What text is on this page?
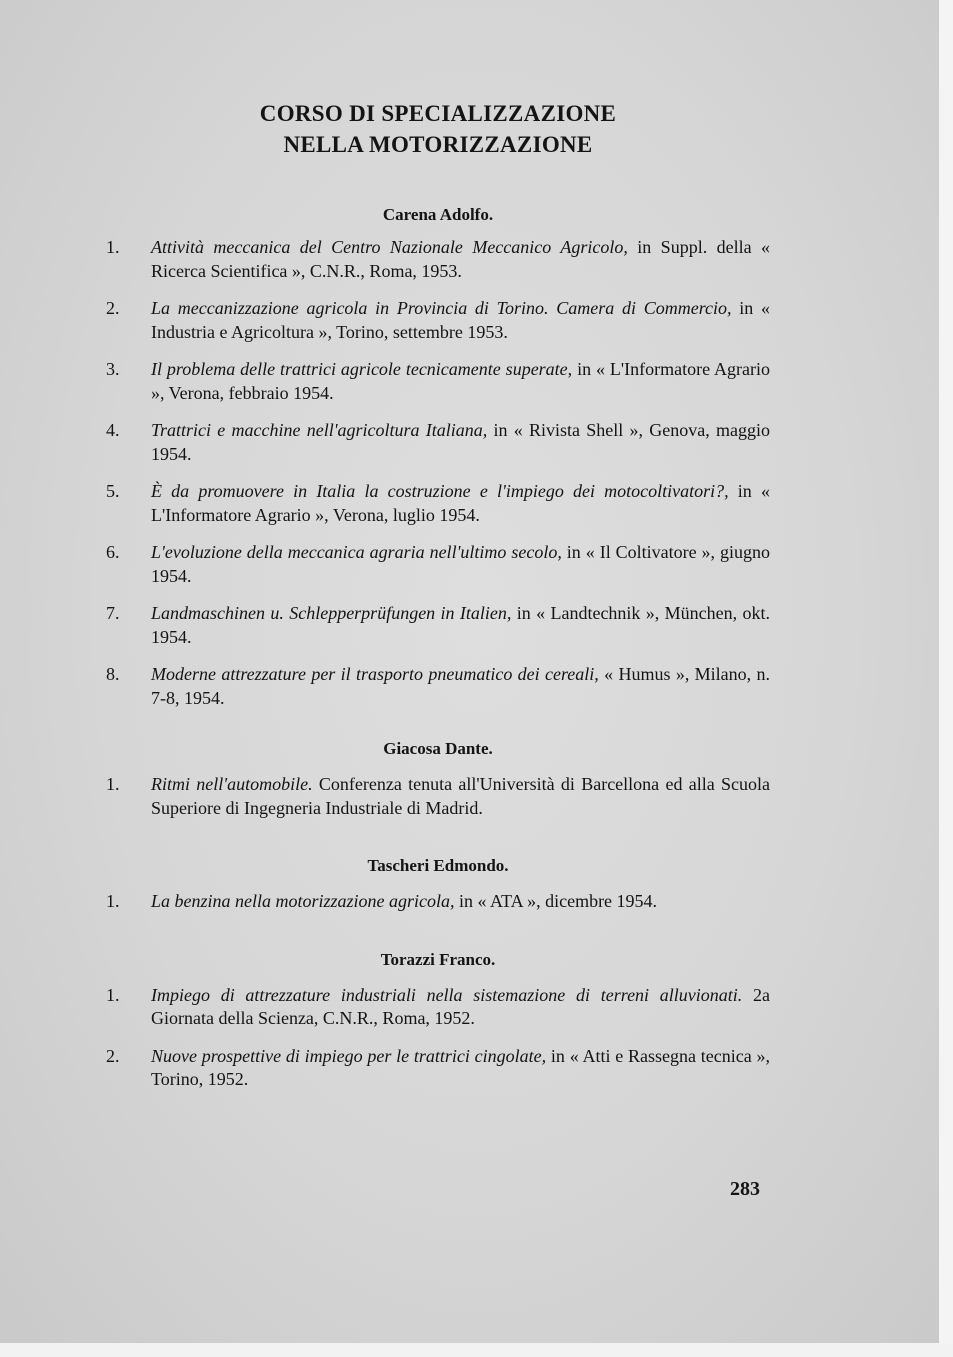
CORSO DI SPECIALIZZAZIONE
NELLA MOTORIZZAZIONE

Carena Adolfo.

1. Attività meccanica del Centro Nazionale Meccanico Agricolo, in Suppl. della « Ricerca Scientifica », C.N.R., Roma, 1953.
2. La meccanizzazione agricola in Provincia di Torino. Camera di Commercio, in « Industria e Agricoltura », Torino, settembre 1953.
3. Il problema delle trattrici agricole tecnicamente superate, in « L'Informatore Agrario », Verona, febbraio 1954.
4. Trattrici e macchine nell'agricoltura Italiana, in « Rivista Shell », Genova, maggio 1954.
5. È da promuovere in Italia la costruzione e l'impiego dei motocoltivatori?, in « L'Informatore Agrario », Verona, luglio 1954.
6. L'evoluzione della meccanica agraria nell'ultimo secolo, in « Il Coltivatore », giugno 1954.
7. Landmaschinen u. Schlepperprüfungen in Italien, in « Landtechnik », München, okt. 1954.
8. Moderne attrezzature per il trasporto pneumatico dei cereali, « Humus », Milano, n. 7-8, 1954.

Giacosa Dante.

1. Ritmi nell'automobile. Conferenza tenuta all'Università di Barcellona ed alla Scuola Superiore di Ingegneria Industriale di Madrid.

Tascheri Edmondo.

1. La benzina nella motorizzazione agricola, in « ATA », dicembre 1954.

Torazzi Franco.

1. Impiego di attrezzature industriali nella sistemazione di terreni alluvionati. 2a Giornata della Scienza, C.N.R., Roma, 1952.
2. Nuove prospettive di impiego per le trattrici cingolate, in « Atti e Rassegna tecnica », Torino, 1952.
283
